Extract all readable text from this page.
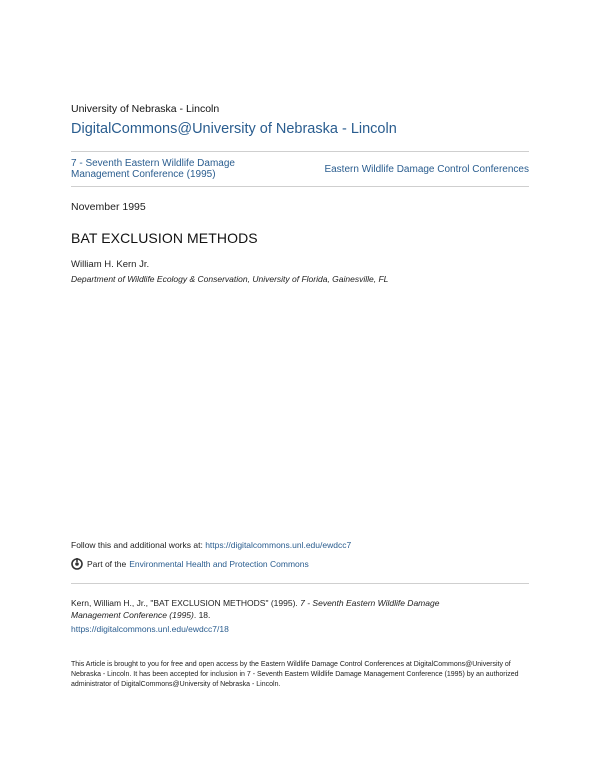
University of Nebraska - Lincoln
DigitalCommons@University of Nebraska - Lincoln
7 - Seventh Eastern Wildlife Damage Management Conference (1995)	Eastern Wildlife Damage Control Conferences
November 1995
BAT EXCLUSION METHODS
William H. Kern Jr.
Department of Wildlife Ecology & Conservation, University of Florida, Gainesville, FL
Follow this and additional works at: https://digitalcommons.unl.edu/ewdcc7
Part of the Environmental Health and Protection Commons
Kern, William H., Jr., "BAT EXCLUSION METHODS" (1995). 7 - Seventh Eastern Wildlife Damage Management Conference (1995). 18.
https://digitalcommons.unl.edu/ewdcc7/18
This Article is brought to you for free and open access by the Eastern Wildlife Damage Control Conferences at DigitalCommons@University of Nebraska - Lincoln. It has been accepted for inclusion in 7 - Seventh Eastern Wildlife Damage Management Conference (1995) by an authorized administrator of DigitalCommons@University of Nebraska - Lincoln.
